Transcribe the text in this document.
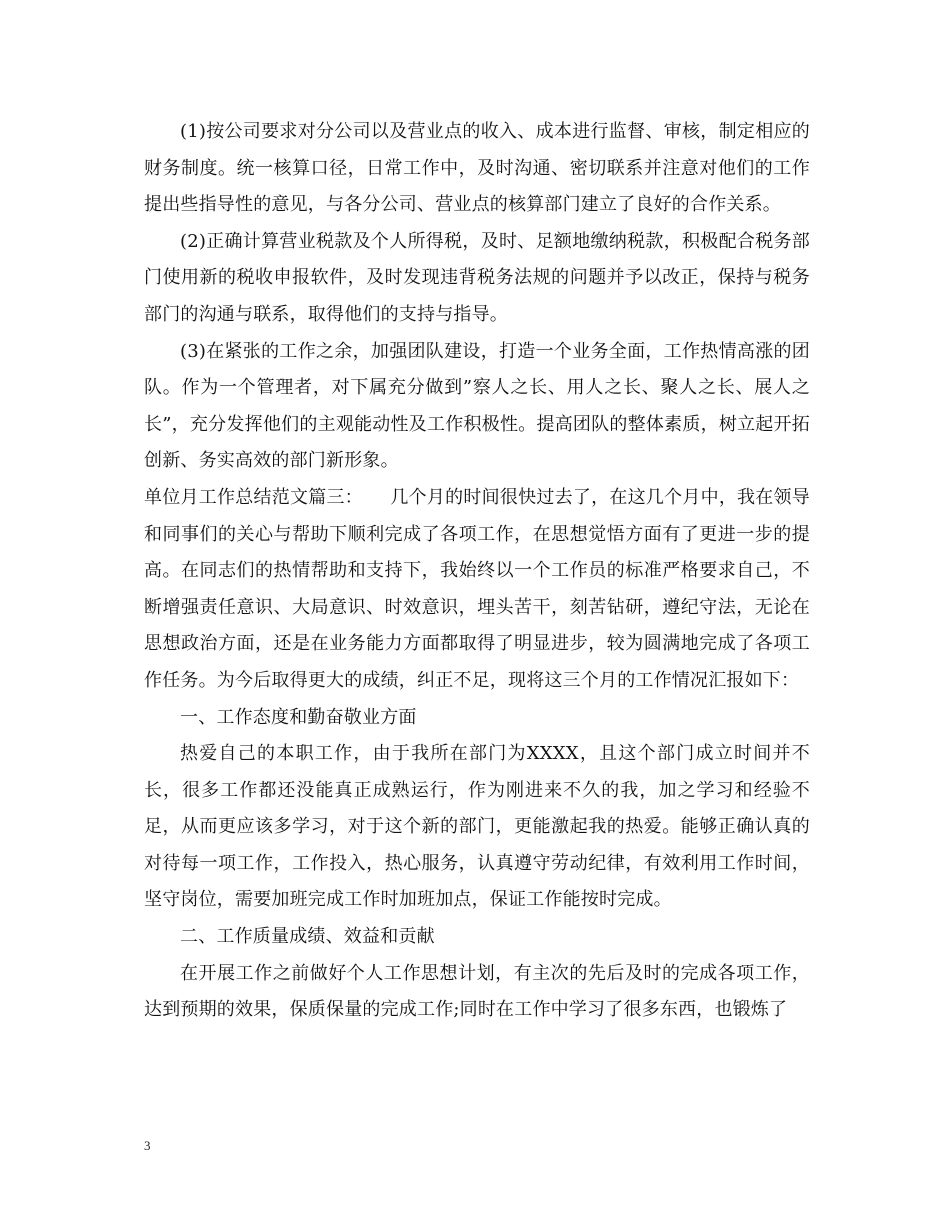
(1)按公司要求对分公司以及营业点的收入、成本进行监督、审核，制定相应的财务制度。统一核算口径，日常工作中，及时沟通、密切联系并注意对他们的工作提出些指导性的意见，与各分公司、营业点的核算部门建立了良好的合作关系。

(2)正确计算营业税款及个人所得税，及时、足额地缴纳税款，积极配合税务部门使用新的税收申报软件，及时发现违背税务法规的问题并予以改正，保持与税务部门的沟通与联系，取得他们的支持与指导。

(3)在紧张的工作之余，加强团队建设，打造一个业务全面，工作热情高涨的团队。作为一个管理者，对下属充分做到”察人之长、用人之长、聚人之长、展人之长”，充分发挥他们的主观能动性及工作积极性。提高团队的整体素质，树立起开拓创新、务实高效的部门新形象。

单位月工作总结范文篇三：　　几个月的时间很快过去了，在这几个月中，我在领导和同事们的关心与帮助下顺利完成了各项工作，在思想觉悟方面有了更进一步的提高。在同志们的热情帮助和支持下，我始终以一个工作员的标准严格要求自己，不断增强责任意识、大局意识、时效意识，埋头苦干，刻苦钻研，遵纪守法，无论在思想政治方面，还是在业务能力方面都取得了明显进步，较为圆满地完成了各项工作任务。为今后取得更大的成绩，纠正不足，现将这三个月的工作情况汇报如下：

一、工作态度和勤奋敬业方面

热爱自己的本职工作，由于我所在部门为XXXX，且这个部门成立时间并不长，很多工作都还没能真正成熟运行，作为刚进来不久的我，加之学习和经验不足，从而更应该多学习，对于这个新的部门，更能激起我的热爱。能够正确认真的对待每一项工作，工作投入，热心服务，认真遵守劳动纪律，有效利用工作时间，坚守岗位，需要加班完成工作时加班加点，保证工作能按时完成。

二、工作质量成绩、效益和贡献

在开展工作之前做好个人工作思想计划，有主次的先后及时的完成各项工作，达到预期的效果，保质保量的完成工作;同时在工作中学习了很多东西，也锻炼了

3
